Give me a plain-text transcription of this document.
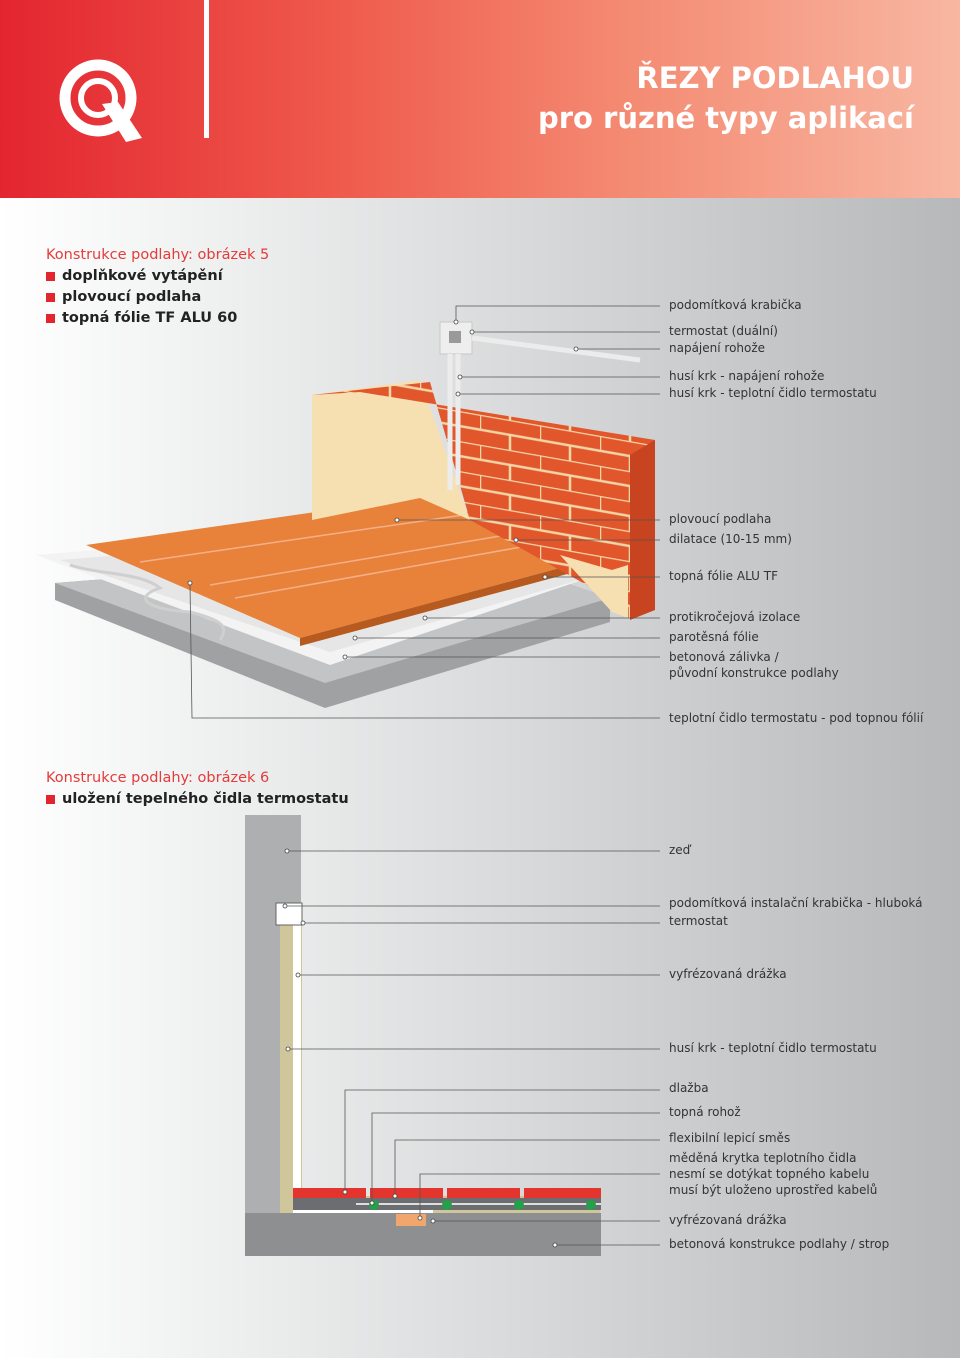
ŘEZY PODLAHOU
pro různé typy aplikací
Konstrukce podlahy: obrázek 5
doplňkové vytápění
plovoucí podlaha
topná fólie TF ALU 60
podomítková krabička
termostat (duální)
napájení rohože
husí krk - napájení rohože
husí krk - teplotní čidlo termostatu
plovoucí podlaha
dilatace (10-15 mm)
topná fólie ALU TF
protikročejová izolace
parotěsná fólie
betonová zálivka /
původní konstrukce podlahy
teplotní čidlo termostatu - pod topnou fólií
Konstrukce podlahy: obrázek 6
uložení tepelného čidla termostatu
zeď
podomítková instalační krabička - hluboká
termostat
vyfrézovaná drážka
husí krk - teplotní čidlo termostatu
dlažba
topná rohož
flexibilní lepicí směs
měděná krytka teplotního čidla
nesmí se dotýkat topného kabelu
musí být uloženo uprostřed kabelů
vyfrézovaná drážka
betonová konstrukce podlahy / strop
